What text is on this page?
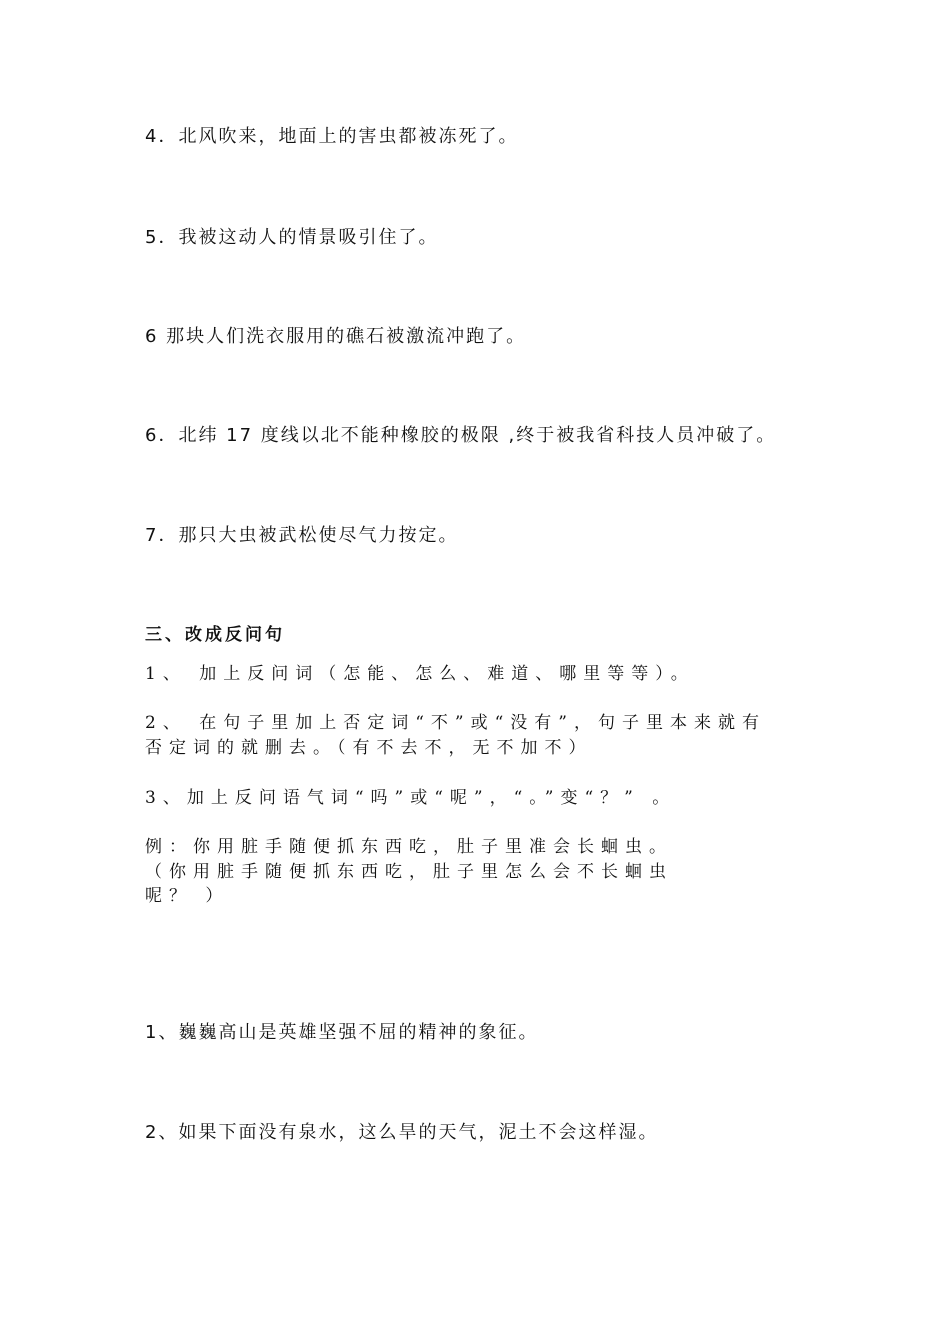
4．北风吹来，地面上的害虫都被冻死了。
5．我被这动人的情景吸引住了。
6 那块人们洗衣服用的礁石被激流冲跑了。
6．北纬 17 度线以北不能种橡胶的极限 ,终于被我省科技人员冲破了。
7．那只大虫被武松使尽气力按定。
三、改成反问句
1、 加上反问词（怎能、怎么、难道、哪里等等）。
2、 在句子里加上否定词“不”或“没有”，句子里本来就有
否定词的就删去。（有不去不，无不加不）
3、加上反问语气词“吗”或“呢”，“。”变“？” 。
例：你用脏手随便抓东西吃，肚子里准会长蛔虫。
（你用脏手随便抓东西吃，肚子里怎么会不长蛔虫
呢？ ）
1、巍巍高山是英雄坚强不屈的精神的象征。
2、如果下面没有泉水，这么旱的天气，泥土不会这样湿。
